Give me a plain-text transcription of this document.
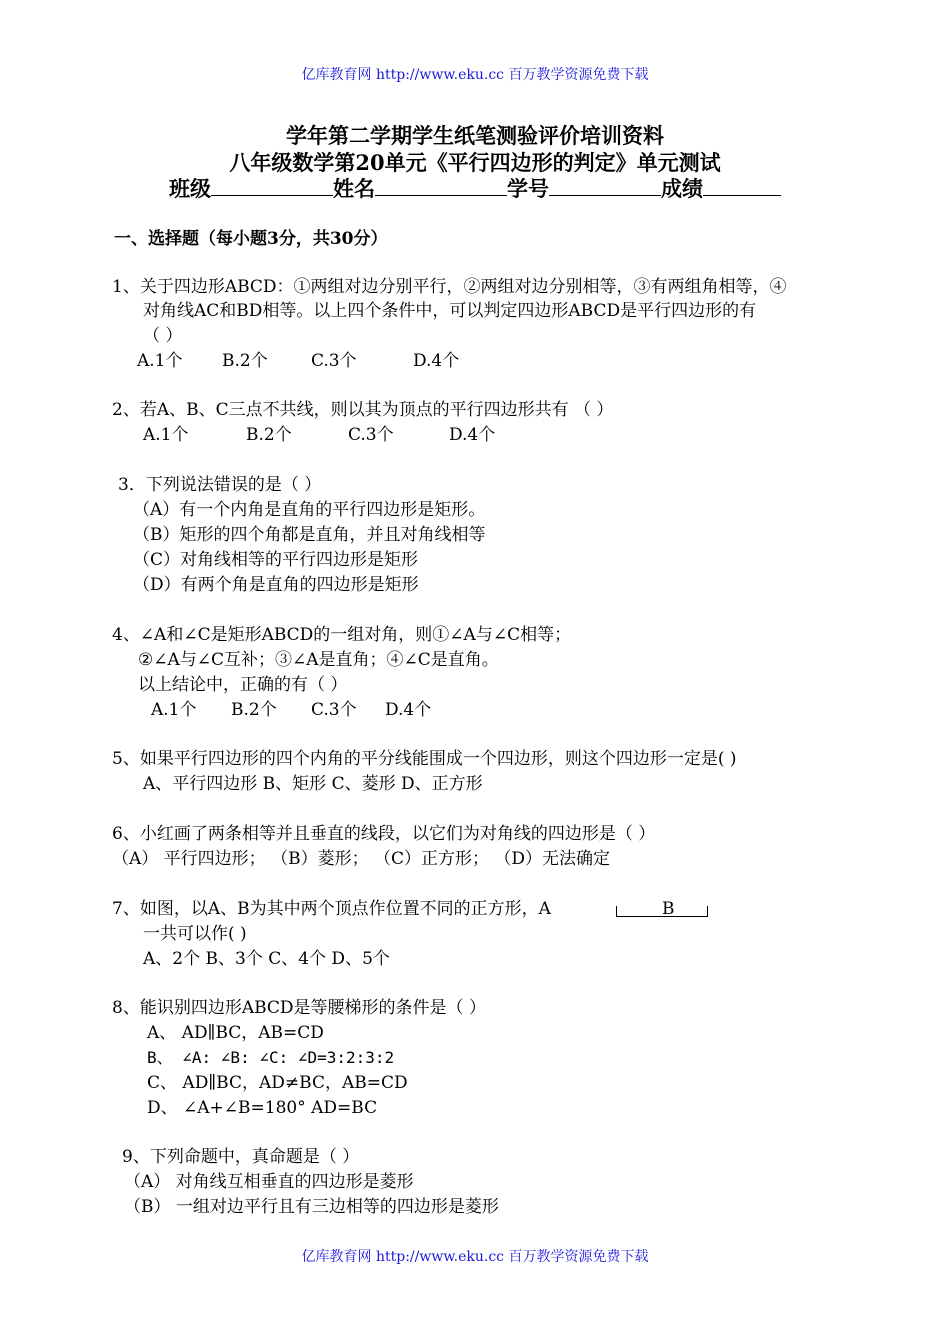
亿库教育网 http://www.eku.cc 百万教学资源免费下载
学年第二学期学生纸笔测验评价培训资料
八年级数学第20单元《平行四边形的判定》单元测试
班级	姓名	学号	成绩
一、选择题（每小题3分，共30分）
1、关于四边形ABCD：①两组对边分别平行，②两组对边分别相等，③有两组角相等，④
对角线AC和BD相等。以上四个条件中，可以判定四边形ABCD是平行四边形的有
（ ）
A.1个 B.2个	C.3个	D.4个
2、若A、B、C三点不共线，则以其为顶点的平行四边形共有 （ ）
A.1个	B.2个	C.3个	D.4个
3．下列说法错误的是（ ）
（A）有一个内角是直角的平行四边形是矩形。
（B）矩形的四个角都是直角，并且对角线相等
（C）对角线相等的平行四边形是矩形
（D）有两个角是直角的四边形是矩形
4、∠A和∠C是矩形ABCD的一组对角，则①∠A与∠C相等；
②∠A与∠C互补；③∠A是直角；④∠C是直角。
以上结论中，正确的有（ ）
A.1个 B.2个 C.3个 D.4个
5、如果平行四边形的四个内角的平分线能围成一个四边形，则这个四边形一定是( )
A、平行四边形 B、矩形 C、菱形 D、正方形
6、小红画了两条相等并且垂直的线段，以它们为对角线的四边形是（ ）
（A） 平行四边形； （B）菱形； （C）正方形； （D）无法确定
7、如图，以A、B为其中两个顶点作位置不同的正方形，A	B
一共可以作( )
A、2个 B、3个 C、4个 D、5个
8、能识别四边形ABCD是等腰梯形的条件是（ ）
A、 AD∥BC，AB=CD
B、 ∠A: ∠B: ∠C: ∠D=3:2:3:2
C、 AD∥BC，AD≠BC，AB=CD
D、 ∠A+∠B=180° AD=BC
9、下列命题中，真命题是（ ）
（A） 对角线互相垂直的四边形是菱形
（B） 一组对边平行且有三边相等的四边形是菱形
亿库教育网 http://www.eku.cc 百万教学资源免费下载
